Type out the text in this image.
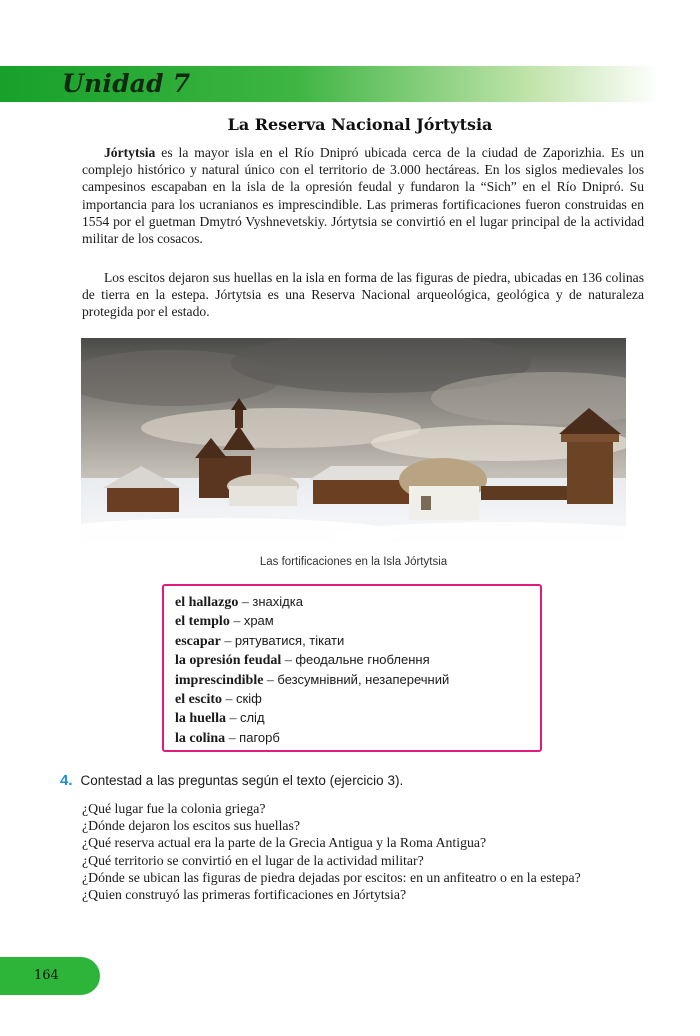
Unidad 7
La Reserva Nacional Jórtytsia

Jórtytsia es la mayor isla en el Río Dnipró ubicada cerca de la ciudad de Zaporizhia. Es un complejo histórico y natural único con el territorio de 3.000 hectáreas. En los siglos medievales los campesinos escapaban en la isla de la opresión feudal y fundaron la “Sich” en el Río Dnipró. Su importancia para los ucranianos es imprescindible. Las primeras fortificaciones fueron construidas en 1554 por el guetman Dmytró Vyshnevetskiy. Jórtytsia se convirtió en el lugar principal de la actividad militar de los cosacos.

Los escitos dejaron sus huellas en la isla en forma de las figuras de piedra, ubicadas en 136 colinas de tierra en la estepa. Jórtytsia es una Reserva Nacional arqueológica, geológica y de naturaleza protegida por el estado.

Las fortificaciones en la Isla Jórtytsia
el hallazgo – знахідка
el templo – храм
escapar – рятуватися, тікати
la opresión feudal – феодальне гноблення
imprescindible – безсумнівний, незаперечний
el escito – скіф
la huella – слід
la colina – пагорб
4. Contestad a las preguntas según el texto (ejercicio 3).
¿Qué lugar fue la colonia griega?
¿Dónde dejaron los escitos sus huellas?
¿Qué reserva actual era la parte de la Grecia Antigua y la Roma Antigua?
¿Qué territorio se convirtió en el lugar de la actividad militar?
¿Dónde se ubican las figuras de piedra dejadas por escitos: en un anfiteatro o en la estepa?
¿Quien construyó las primeras fortificaciones en Jórtytsia?
164
